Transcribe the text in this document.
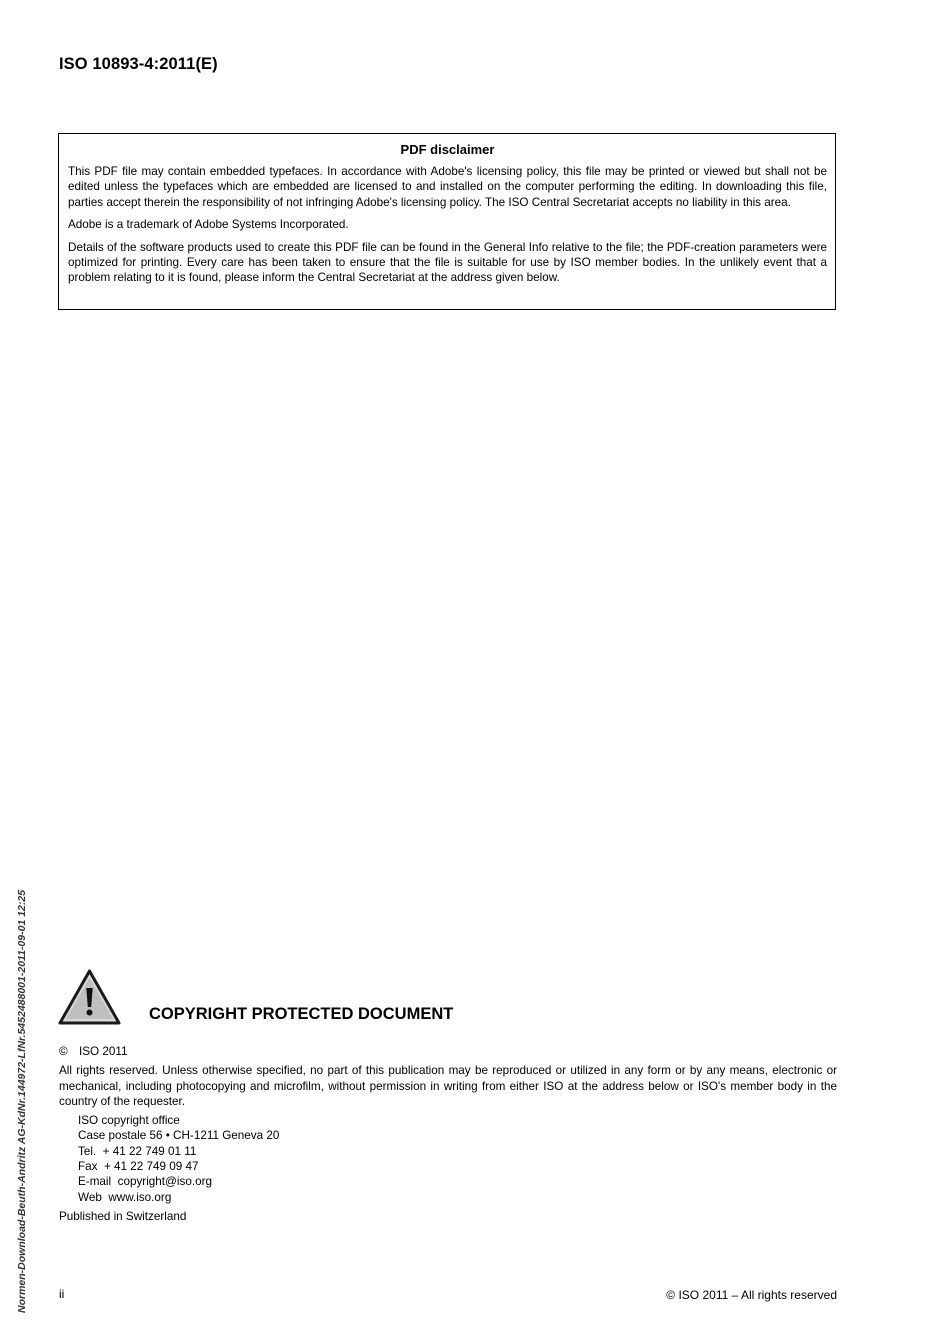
ISO 10893-4:2011(E)
PDF disclaimer

This PDF file may contain embedded typefaces. In accordance with Adobe's licensing policy, this file may be printed or viewed but shall not be edited unless the typefaces which are embedded are licensed to and installed on the computer performing the editing. In downloading this file, parties accept therein the responsibility of not infringing Adobe's licensing policy. The ISO Central Secretariat accepts no liability in this area.

Adobe is a trademark of Adobe Systems Incorporated.

Details of the software products used to create this PDF file can be found in the General Info relative to the file; the PDF-creation parameters were optimized for printing. Every care has been taken to ensure that the file is suitable for use by ISO member bodies. In the unlikely event that a problem relating to it is found, please inform the Central Secretariat at the address given below.

Normen-Download-Beuth-Andritz AG-KdNr.144972-LfNr.5452488001-2011-09-01 12:25	COPYRIGHT PROTECTED DOCUMENT
© ISO 2011
All rights reserved. Unless otherwise specified, no part of this publication may be reproduced or utilized in any form or by any means, electronic or mechanical, including photocopying and microfilm, without permission in writing from either ISO at the address below or ISO's member body in the country of the requester.
ISO copyright office
Case postale 56 • CH-1211 Geneva 20
Tel.  + 41 22 749 01 11
Fax  + 41 22 749 09 47
E-mail  copyright@iso.org
Web  www.iso.org
Published in Switzerland
ii	© ISO 2011 – All rights reserved
